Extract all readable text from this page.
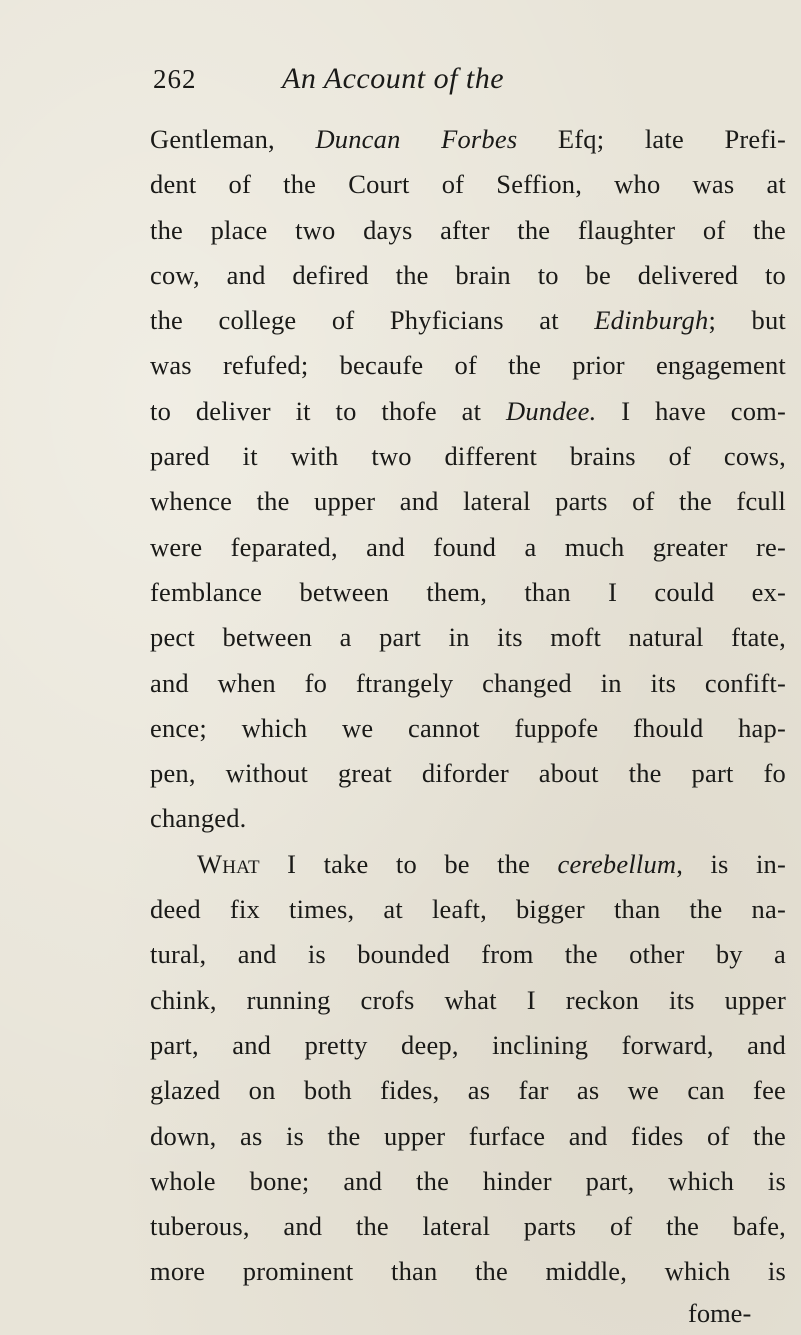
262	An Account of the
Gentleman, Duncan Forbes Efq; late Prefi-
dent of the Court of Seffion, who was at
the place two days after the flaughter of the
cow, and defired the brain to be delivered to
the college of Phyficians at Edinburgh; but
was refufed; becaufe of the prior engagement
to deliver it to thofe at Dundee. I have com-
pared it with two different brains of cows,
whence the upper and lateral parts of the fcull
were feparated, and found a much greater re-
femblance between them, than I could ex-
pect between a part in its moft natural ftate,
and when fo ftrangely changed in its confift-
ence; which we cannot fuppofe fhould hap-
pen, without great diforder about the part fo
changed.
What I take to be the cerebellum, is in-
deed fix times, at leaft, bigger than the na-
tural, and is bounded from the other by a
chink, running crofs what I reckon its upper
part, and pretty deep, inclining forward, and
glazed on both fides, as far as we can fee
down, as is the upper furface and fides of the
whole bone; and the hinder part, which is
tuberous, and the lateral parts of the bafe,
more prominent than the middle, which is
fome-
